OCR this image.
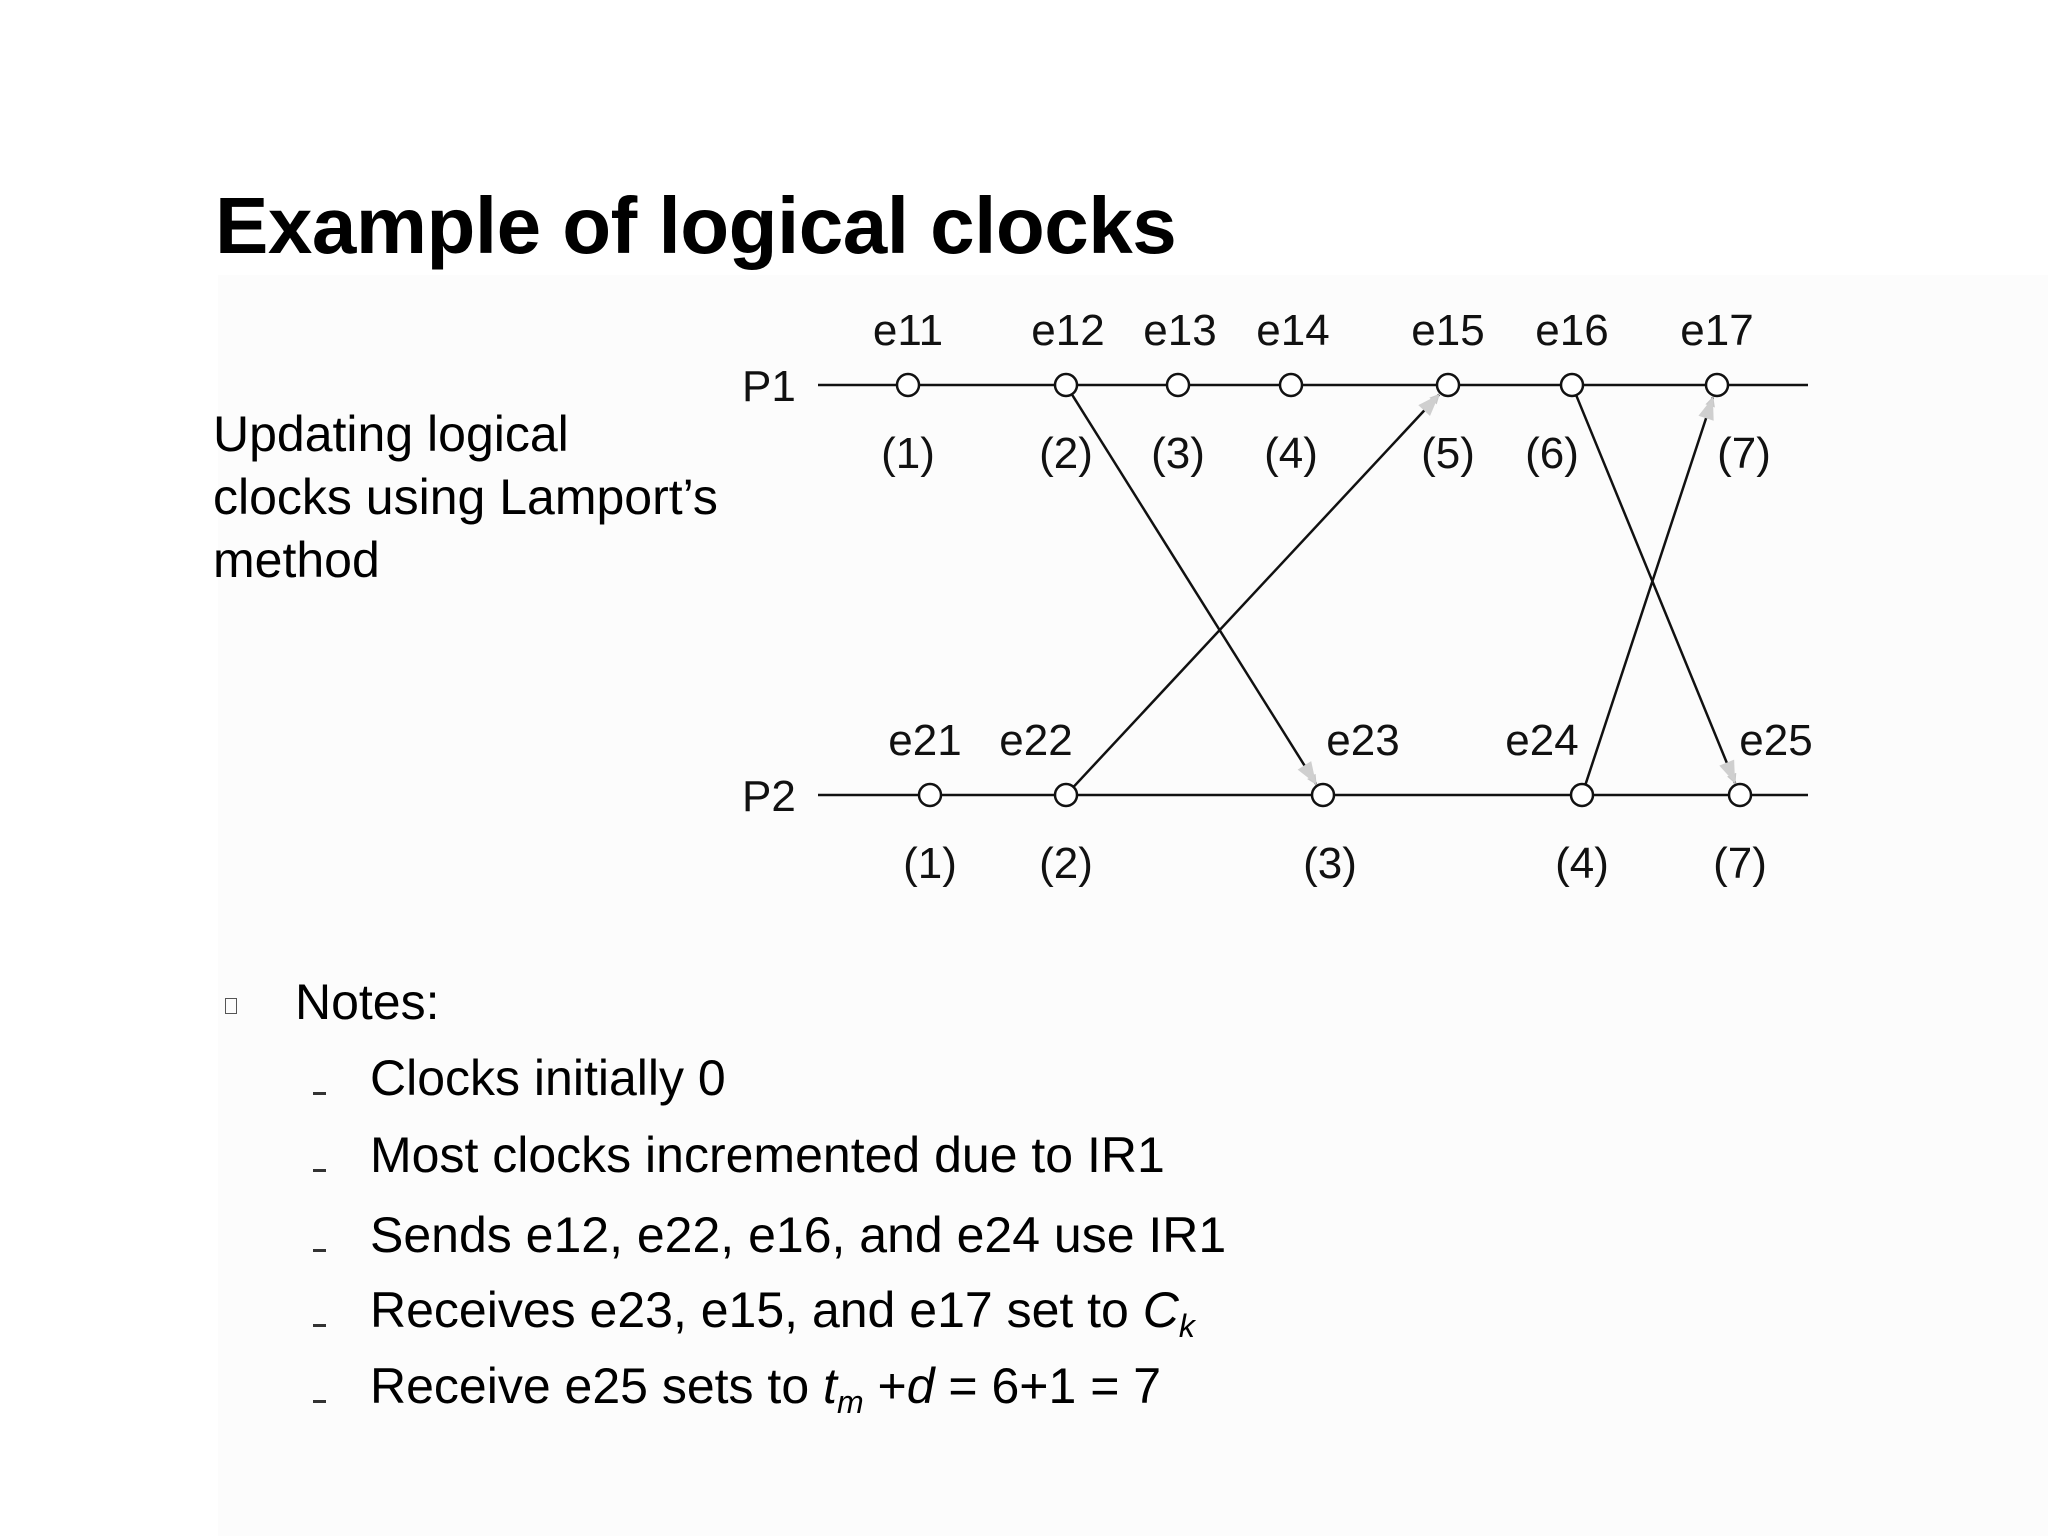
Example of logical clocks
Updating logical
clocks using Lamport’s
method
P1
P2
e11
(1)
e12
(2)
e13
(3)
e14
(4)
e15
(5)
e16
(6)
e17
(7)
e21
(1)
e22
(2)
e23
(3)
e24
(4)
e25
(7)
Notes:
Clocks initially 0
Most clocks incremented due to IR1
Sends e12, e22, e16, and e24 use IR1
Receives e23, e15, and e17 set to $C_k$
Receive e25 sets to $t_m +d = 6+1 = 7$
